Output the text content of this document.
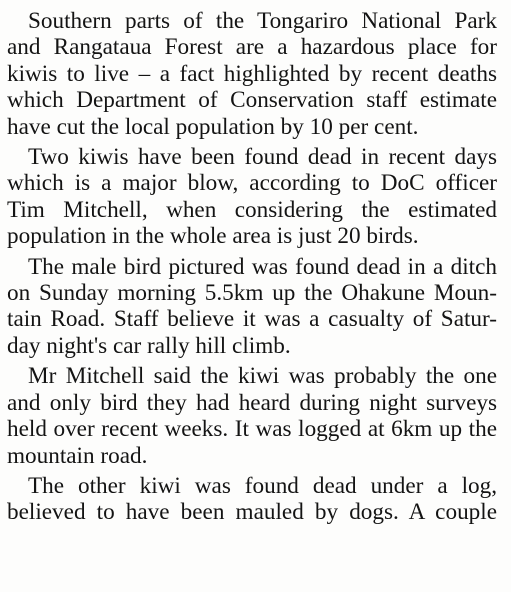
Southern parts of the Tongariro National Park
and Rangataua Forest are a hazardous place for
kiwis to live – a fact highlighted by recent deaths
which Department of Conservation staff estimate
have cut the local population by 10 per cent.

Two kiwis have been found dead in recent days
which is a major blow, according to DoC officer
Tim Mitchell, when considering the estimated
population in the whole area is just 20 birds.

The male bird pictured was found dead in a ditch
on Sunday morning 5.5km up the Ohakune Moun-
tain Road. Staff believe it was a casualty of Satur-
day night's car rally hill climb.

Mr Mitchell said the kiwi was probably the one
and only bird they had heard during night surveys
held over recent weeks. It was logged at 6km up the
mountain road.

The other kiwi was found dead under a log,
believed to have been mauled by dogs. A couple
